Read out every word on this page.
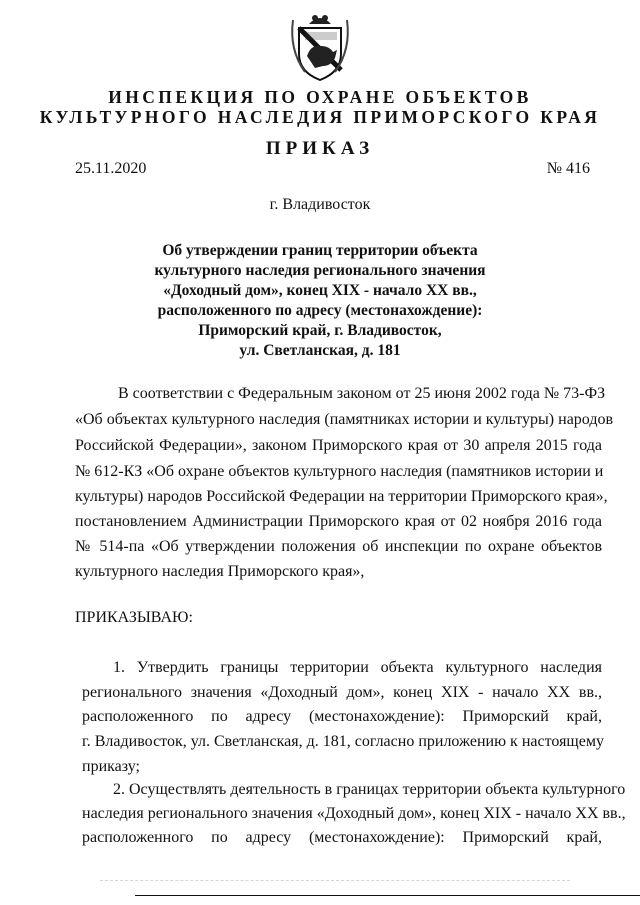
ИНСПЕКЦИЯ ПО ОХРАНЕ ОБЪЕКТОВ
КУЛЬТУРНОГО НАСЛЕДИЯ ПРИМОРСКОГО КРАЯ
ПРИКАЗ
25.11.2020	№ 416
г. Владивосток
Об утверждении границ территории объекта
культурного наследия регионального значения
«Доходный дом», конец XIX - начало XX вв.,
расположенного по адресу (местонахождение):
Приморский край, г. Владивосток,
ул. Светланская, д. 181
В соответствии с Федеральным законом от 25 июня 2002 года № 73-ФЗ
«Об объектах культурного наследия (памятниках истории и культуры) народов
Российской Федерации», законом Приморского края от 30 апреля 2015 года
№ 612-КЗ «Об охране объектов культурного наследия (памятников истории и
культуры) народов Российской Федерации на территории Приморского края»,
постановлением Администрации Приморского края от 02 ноября 2016 года
№ 514-па «Об утверждении положения об инспекции по охране объектов
культурного наследия Приморского края»,
ПРИКАЗЫВАЮ:
1. Утвердить границы территории объекта культурного наследия
регионального значения «Доходный дом», конец XIX - начало XX вв.,
расположенного по адресу (местонахождение): Приморский край,
г. Владивосток, ул. Светланская, д. 181, согласно приложению к настоящему
приказу;
2. Осуществлять деятельность в границах территории объекта культурного
наследия регионального значения «Доходный дом», конец XIX - начало XX вв.,
расположенного по адресу (местонахождение): Приморский край,
